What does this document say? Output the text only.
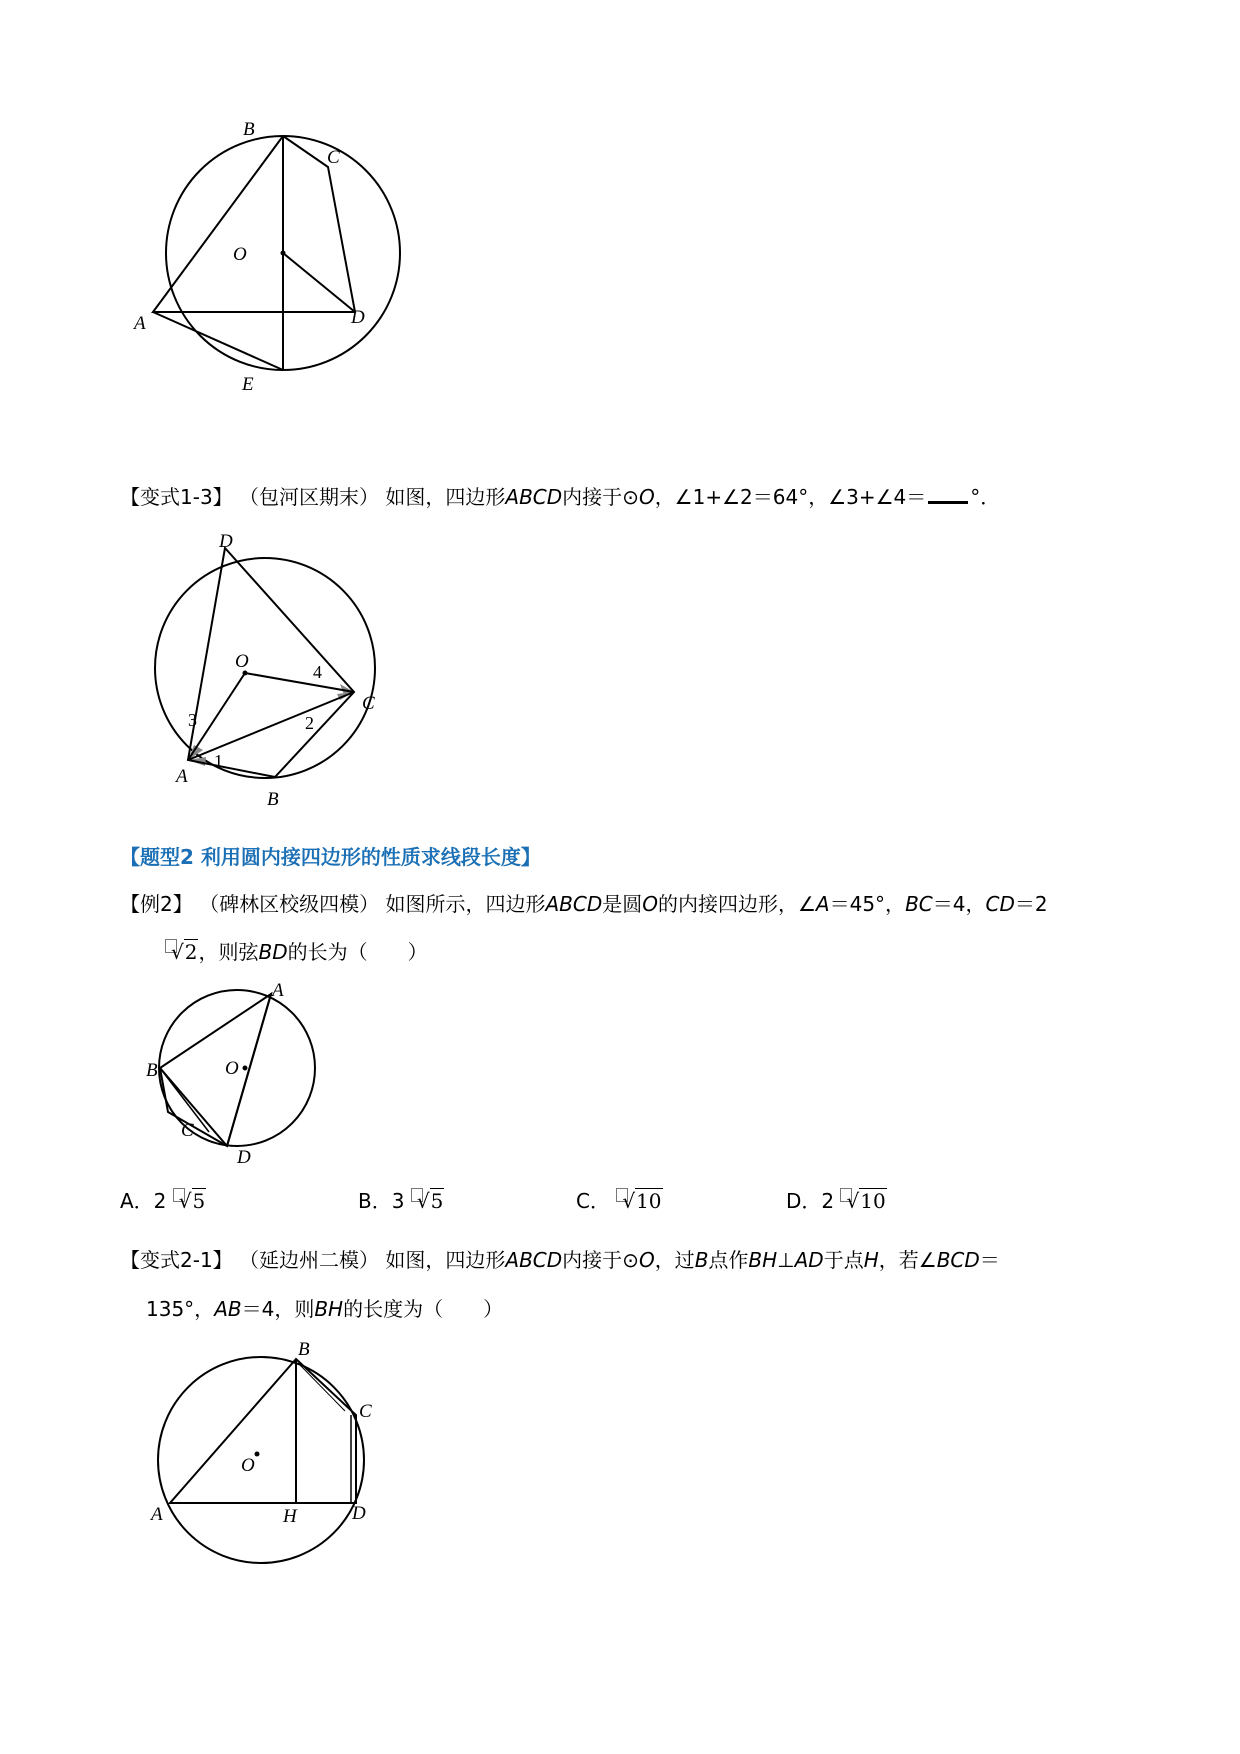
B
C
O
A	D
E
【变式1-3】 （包河区期末） 如图，四边形ABCD内接于⊙O，∠1+∠2＝64°，∠3+∠4＝ °．
D
O
C
A
B
1
2
3
4
【题型2 利用圆内接四边形的性质求线段长度】
【例2】 （碑林区校级四模） 如图所示，四边形ABCD是圆O的内接四边形，∠A＝45°，BC＝4，CD＝2
√2，则弦BD的长为（　　）
A
B	O
C
D
A．2 √5	B．3 √5	C． √10	D．2 √10
【变式2-1】 （延边州二模） 如图，四边形ABCD内接于⊙O，过B点作BH⊥AD于点H，若∠BCD＝
135°，AB＝4，则BH的长度为（　　）
B
C
O
A	H	D
